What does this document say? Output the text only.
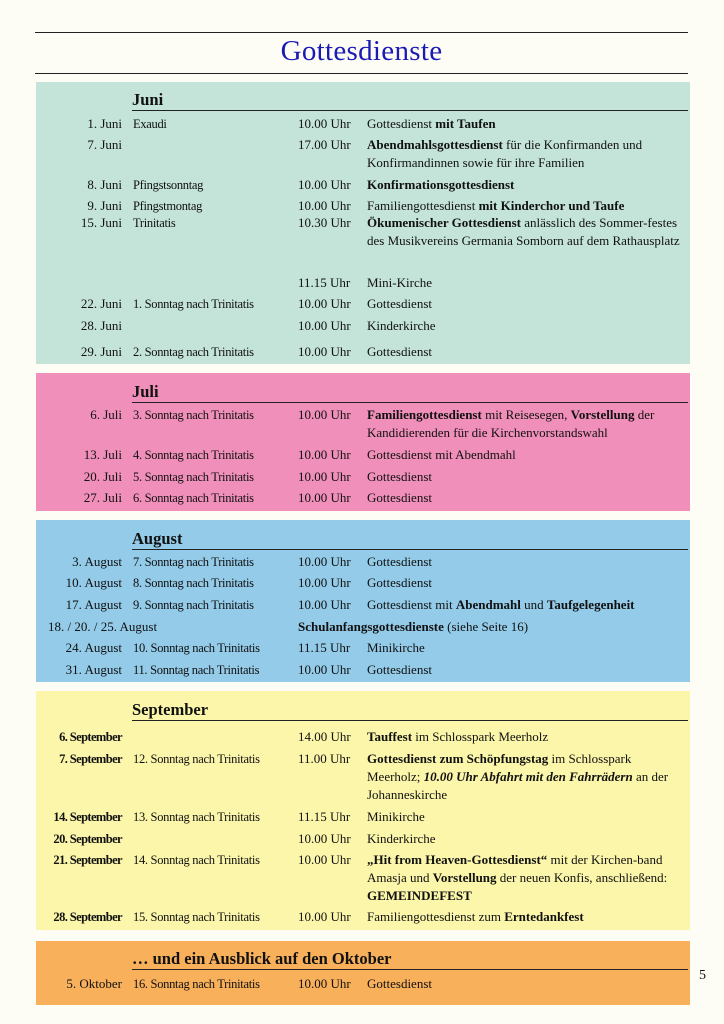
Gottesdienste
Juni
1. Juni Exaudi	10.00 Uhr Gottesdienst mit Taufen
7. Juni	17.00 Uhr Abendmahlsgottesdienst für die Konfirmanden und Konfirmandinnen sowie für ihre Familien
8. Juni Pfingstsonntag	10.00 Uhr Konfirmationsgottesdienst
9. Juni Pfingstmontag	10.00 Uhr Familiengottesdienst mit Kinderchor und Taufe
15. Juni Trinitatis	10.30 Uhr Ökumenischer Gottesdienst anlässlich des Sommer-festes des Musikvereins Germania Somborn auf dem Rathausplatz
11.15 Uhr Mini-Kirche
22. Juni 1. Sonntag nach Trinitatis	10.00 Uhr Gottesdienst
28. Juni	10.00 Uhr Kinderkirche
29. Juni 2. Sonntag nach Trinitatis	10.00 Uhr Gottesdienst
Juli
6. Juli 3. Sonntag nach Trinitatis	10.00 Uhr Familiengottesdienst mit Reisesegen, Vorstellung der Kandidierenden für die Kirchenvorstandswahl
13. Juli 4. Sonntag nach Trinitatis	10.00 Uhr Gottesdienst mit Abendmahl
20. Juli 5. Sonntag nach Trinitatis	10.00 Uhr Gottesdienst
27. Juli 6. Sonntag nach Trinitatis	10.00 Uhr Gottesdienst
August
3. August 7. Sonntag nach Trinitatis	10.00 Uhr Gottesdienst
10. August 8. Sonntag nach Trinitatis	10.00 Uhr Gottesdienst
17. August 9. Sonntag nach Trinitatis	10.00 Uhr Gottesdienst mit Abendmahl und Taufgelegenheit
18. / 20. / 25. August	Schulanfangsgottesdienste (siehe Seite 16)
24. August 10. Sonntag nach Trinitatis	11.15 Uhr Minikirche
31. August 11. Sonntag nach Trinitatis	10.00 Uhr Gottesdienst
September
6. September	14.00 Uhr Tauffest im Schlosspark Meerholz
7. September 12. Sonntag nach Trinitatis	11.00 Uhr Gottesdienst zum Schöpfungstag im Schlosspark Meerholz; 10.00 Uhr Abfahrt mit den Fahrrädern an der Johanneskirche
14. September 13. Sonntag nach Trinitatis	11.15 Uhr Minikirche
20. September	10.00 Uhr Kinderkirche
21. September 14. Sonntag nach Trinitatis	10.00 Uhr „Hit from Heaven-Gottesdienst“ mit der Kirchen-band Amasja und Vorstellung der neuen Konfis, anschließend: GEMEINDEFEST
28. September 15. Sonntag nach Trinitatis	10.00 Uhr Familiengottesdienst zum Erntedankfest
… und ein Ausblick auf den Oktober
5. Oktober 16. Sonntag nach Trinitatis	10.00 Uhr Gottesdienst
5
